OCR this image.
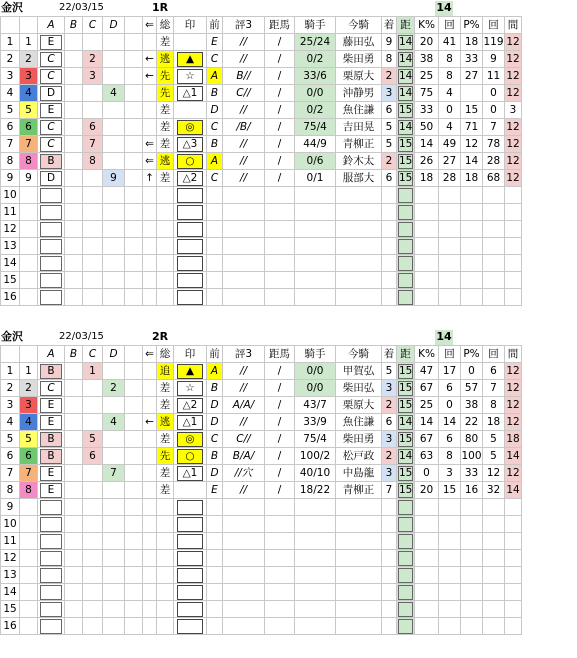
金沢	22/03/15	1R	14
		A	B	C	D		⇐	総	印	前	評3	距馬	騎手	今騎	着	距	K%	回	P%	回	間
1	1	E						差		E	//	/	25/24	藤田弘	9	14	20	41	18	119	12
2	2	C		2			←	逃	▲	C	//	/	0/2	柴田勇	8	14	38	8	33	9	12
3	3	C		3			←	先	☆	A	B//	/	33/6	栗原大	2	14	25	8	27	11	12
4	4	D			4			先	△1	B	C//	/	0/0	沖静男	3	14	75	4		0	12
5	5	E						差		D	//	/	0/2	魚住謙	6	15	33	0	15	0	3
6	6	C		6				差	◎	C	/B/	/	75/4	吉田晃	5	14	50	4	71	7	12
7	7	C		7			⇐	差	△3	B	//	/	44/9	青柳正	5	15	14	49	12	78	12
8	8	B		8			⇐	逃	○	A	//	/	0/6	鈴木太	2	15	26	27	14	28	12
9	9	D			9		↑	差	△2	C	//	/	0/1	服部大	6	15	18	28	18	68	12
10		

11		

12		

13		

14		

15		

16		

金沢	22/03/15	2R	14
		A	B	C	D		⇐	総	印	前	評3	距馬	騎手	今騎	着	距	K%	回	P%	回	間
1	1	B		1				追	▲	A	//	/	0/0	甲賀弘	5	15	47	17	0	6	12
2	2	C			2			差	☆	B	//	/	0/0	柴田弘	3	15	67	6	57	7	12
3	3	E						差	△2	D	A/A/	/	43/7	栗原大	2	15	25	0	38	8	12
4	4	E			4		←	逃	△1	D	//	/	33/9	魚住謙	6	14	14	14	22	18	12
5	5	B		5				差	◎	C	C//	/	75/4	柴田勇	3	15	67	6	80	5	18
6	6	B		6				先	○	B	B/A/	/	100/2	松戸政	2	14	63	8	100	5	14
7	7	E			7			差	△1	D	//穴	/	40/10	中島龍	3	15	0	3	33	12	12
8	8	E						差		E	//	/	18/22	青柳正	7	15	20	15	16	32	14
9		

10		

11		

12		

13		

14		

15		

16		
